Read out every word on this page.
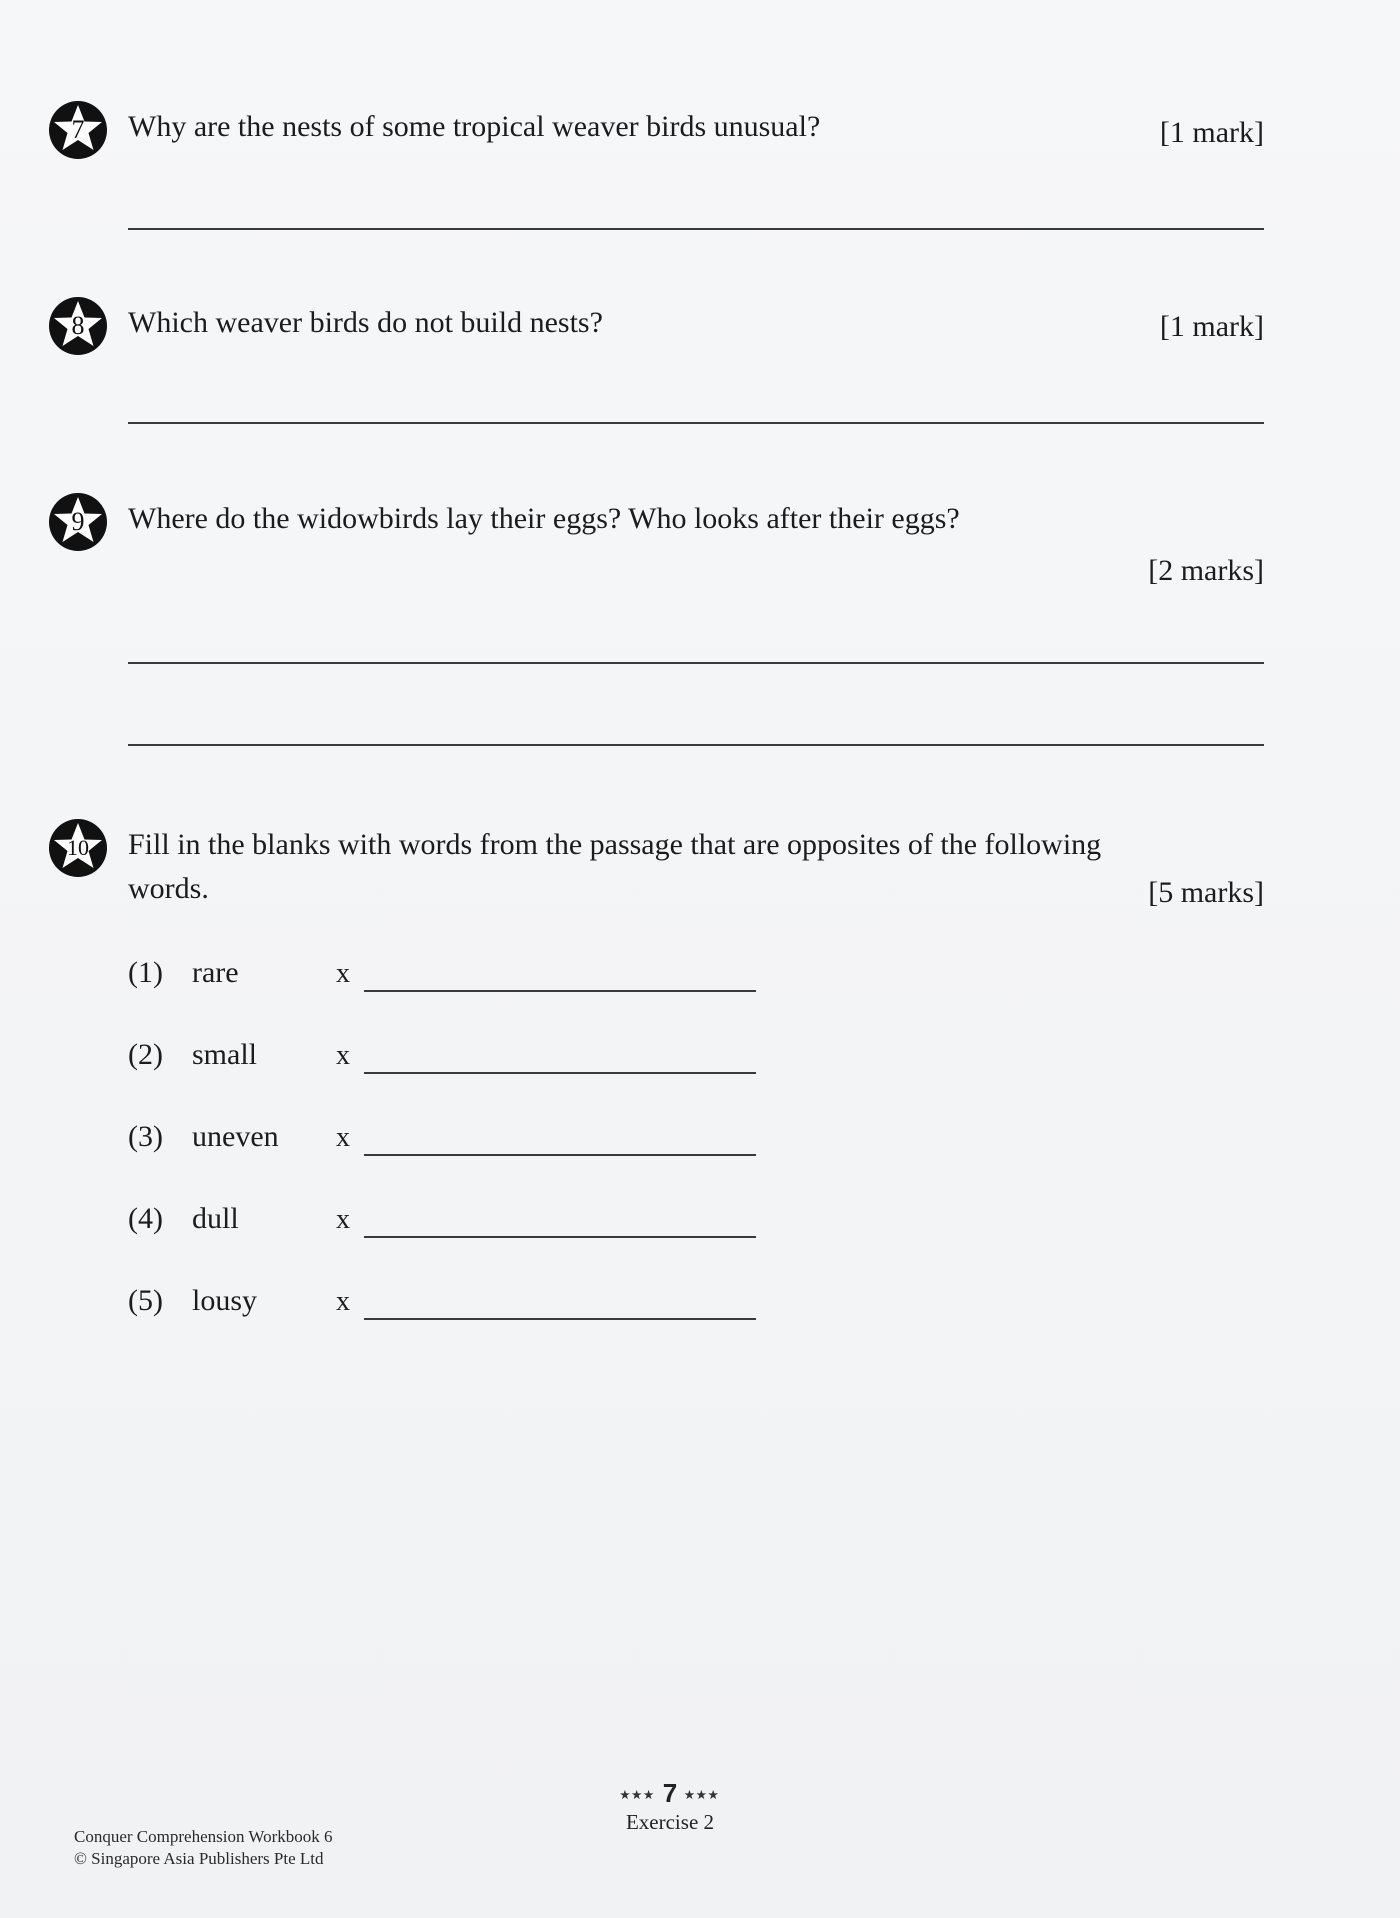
7	Why are the nests of some tropical weaver birds unusual?	[1 mark]
8	Which weaver birds do not build nests?	[1 mark]
9	Where do the widowbirds lay their eggs? Who looks after their eggs?
[2 marks]
10	Fill in the blanks with words from the passage that are opposites of the following
words.	[5 marks]
(1) rare	x
(2) small	x
(3) uneven x
(4) dull	x
(5) lousy	x
Conquer Comprehension Workbook 6
© Singapore Asia Publishers Pte Ltd
★★★ 7 ★★★
Exercise 2
